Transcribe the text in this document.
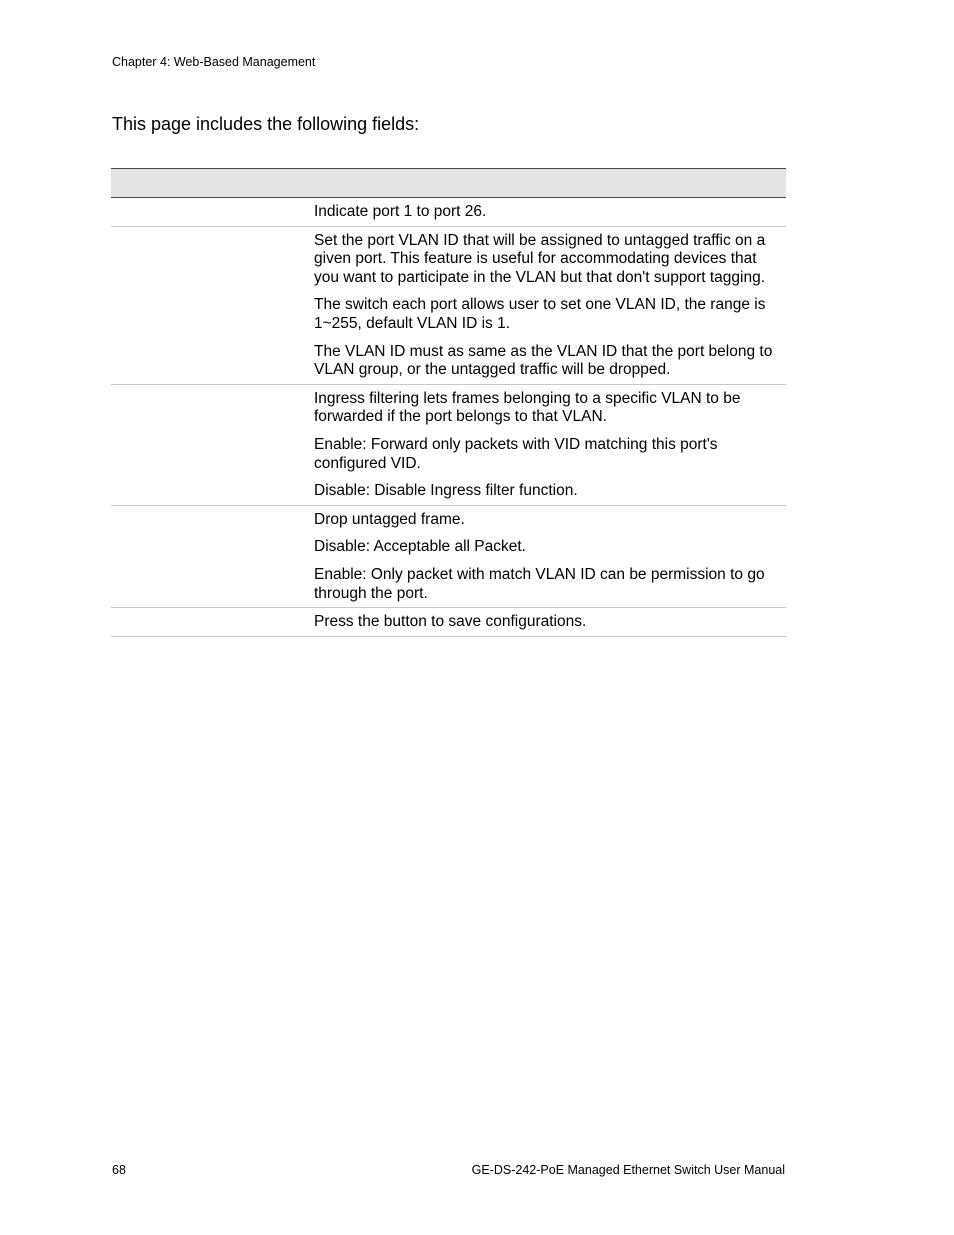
Chapter 4: Web-Based Management
This page includes the following fields:

Indicate port 1 to port 26.

Set the port VLAN ID that will be assigned to untagged traffic on a given port. This feature is useful for accommodating devices that you want to participate in the VLAN but that don't support tagging.

The switch each port allows user to set one VLAN ID, the range is 1~255, default VLAN ID is 1.

The VLAN ID must as same as the VLAN ID that the port belong to VLAN group, or the untagged traffic will be dropped.

Ingress filtering lets frames belonging to a specific VLAN to be forwarded if the port belongs to that VLAN.

Enable: Forward only packets with VID matching this port's configured VID.

Disable: Disable Ingress filter function.

Drop untagged frame.

Disable: Acceptable all Packet.

Enable: Only packet with match VLAN ID can be permission to go through the port.

Press the button to save configurations.

68	GE-DS-242-PoE Managed Ethernet Switch User Manual
